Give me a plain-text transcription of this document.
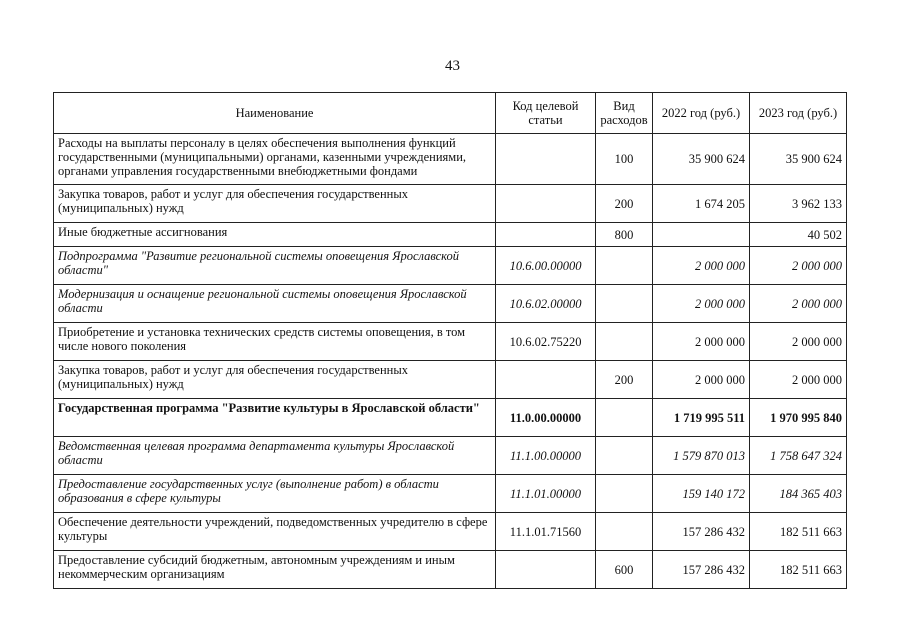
43
Наименование	Код целевой статьи	Вид расходов	2022 год (руб.)	2023 год (руб.)
Расходы на выплаты персоналу в целях обеспечения выполнения функций государственными (муниципальными) органами, казенными учреждениями, органами управления государственными внебюджетными фондами		100	35 900 624	35 900 624
Закупка товаров, работ и услуг для обеспечения государственных (муниципальных) нужд		200	1 674 205	3 962 133
Иные бюджетные ассигнования		800		40 502
Подпрограмма "Развитие региональной системы оповещения Ярославской области"	10.6.00.00000		2 000 000	2 000 000
Модернизация и оснащение региональной системы оповещения Ярославской области	10.6.02.00000		2 000 000	2 000 000
Приобретение и установка технических средств системы оповещения, в том числе нового поколения	10.6.02.75220		2 000 000	2 000 000
Закупка товаров, работ и услуг для обеспечения государственных (муниципальных) нужд		200	2 000 000	2 000 000
Государственная программа "Развитие культуры в Ярославской области"	11.0.00.00000		1 719 995 511	1 970 995 840
Ведомственная целевая программа департамента культуры Ярославской области	11.1.00.00000		1 579 870 013	1 758 647 324
Предоставление государственных услуг (выполнение работ) в области образования в сфере культуры	11.1.01.00000		159 140 172	184 365 403
Обеспечение деятельности учреждений, подведомственных учредителю в сфере культуры	11.1.01.71560		157 286 432	182 511 663
Предоставление субсидий бюджетным, автономным учреждениям и иным некоммерческим организациям		600	157 286 432	182 511 663
